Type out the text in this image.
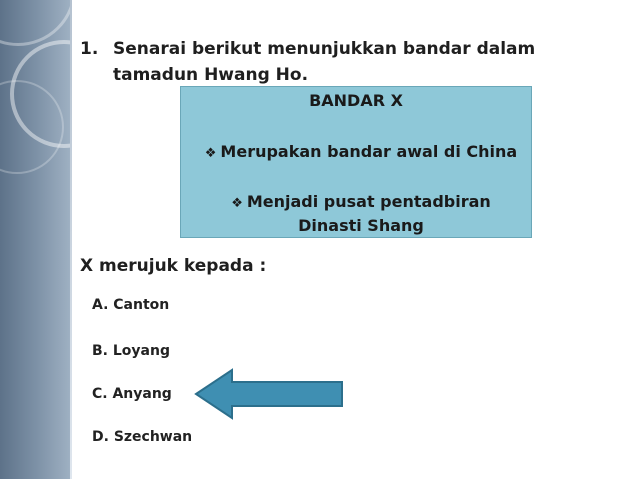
1. Senarai berikut menunjukkan bandar dalam tamadun Hwang Ho.
BANDAR X
❖ Merupakan bandar awal di China
❖ Menjadi pusat pentadbiran Dinasti Shang
X merujuk kepada :
A. Canton
B. Loyang
C. Anyang
D. Szechwan
